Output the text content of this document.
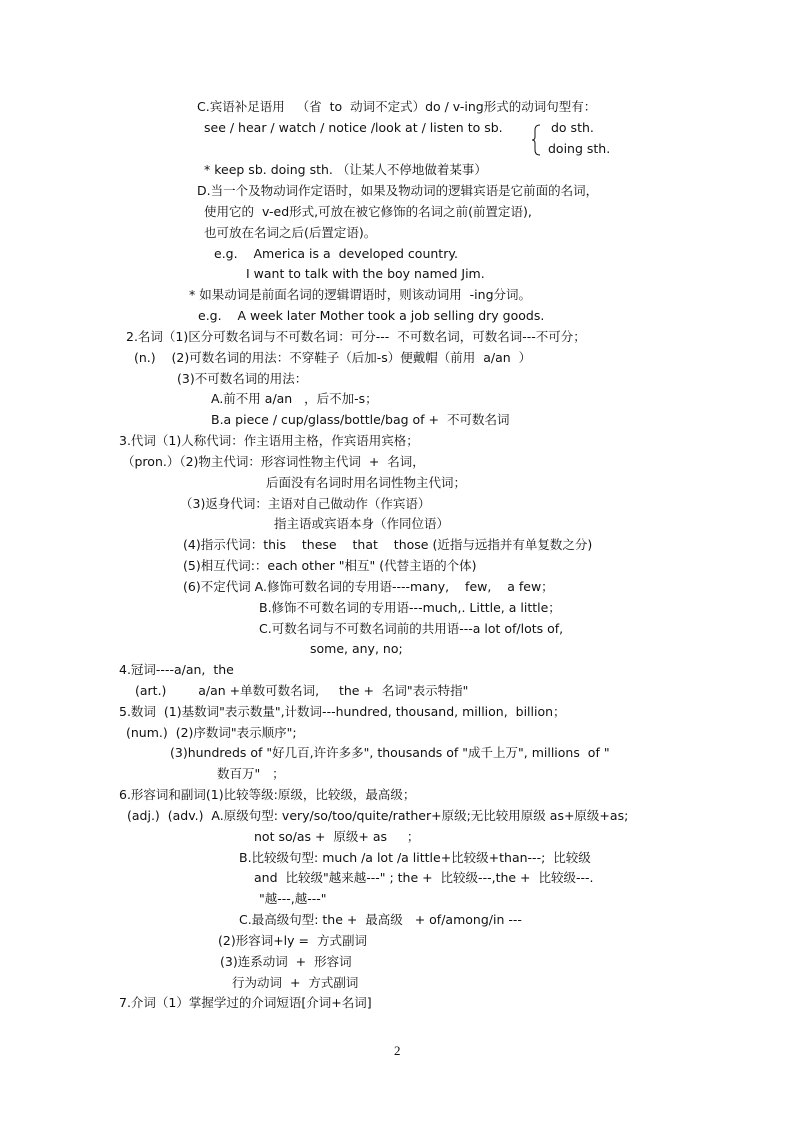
C.宾语补足语用   （省  to  动词不定式）do / v-ing形式的动词句型有：
see / hear / watch / notice /look at / listen to sb.	do sth.
doing sth.
* keep sb. doing sth. （让某人不停地做着某事）
D.当一个及物动词作定语时，如果及物动词的逻辑宾语是它前面的名词，
使用它的  v-ed形式,可放在被它修饰的名词之前(前置定语),
也可放在名词之后(后置定语)。
e.g.    America is a  developed country.
I want to talk with the boy named Jim.
* 如果动词是前面名词的逻辑谓语时，则该动词用  -ing分词。
e.g.    A week later Mother took a job selling dry goods.
2.名词（1)区分可数名词与不可数名词：可分---  不可数名词，可数名词---不可分；
(n.)    (2)可数名词的用法：不穿鞋子（后加-s）便戴帽（前用  a/an  ）
(3)不可数名词的用法：
A.前不用 a/an   ，后不加-s；
B.a piece / cup/glass/bottle/bag of +  不可数名词
3.代词（1)人称代词：作主语用主格，作宾语用宾格；
（pron.）（2)物主代词：形容词性物主代词  +  名词，
后面没有名词时用名词性物主代词；
（3)返身代词：主语对自己做动作（作宾语）
指主语或宾语本身（作同位语）
(4)指示代词：this    these    that    those (近指与远指并有单复数之分)
(5)相互代词:：each other "相互" (代替主语的个体)
(6)不定代词 A.修饰可数名词的专用语----many,    few,    a few；
B.修饰不可数名词的专用语---much,. Little, a little；
C.可数名词与不可数名词前的共用语---a lot of/lots of,
some, any, no;
4.冠词----a/an,  the
(art.)        a/an +单数可数名词,     the +  名词"表示特指"
5.数词  (1)基数词"表示数量",计数词---hundred, thousand, million,  billion；
(num.)  (2)序数词"表示顺序";
(3)hundreds of "好几百,许许多多", thousands of "成千上万", millions  of "
数百万"   ；
6.形容词和副词(1)比较等级:原级，比较级，最高级；
(adj.)  (adv.)  A.原级句型: very/so/too/quite/rather+原级;无比较用原级 as+原级+as;
not so/as +  原级+ as     ；
B.比较级句型: much /a lot /a little+比较级+than---;  比较级
and  比较级"越来越---" ; the +  比较级---,the +  比较级---.
"越---,越---"
C.最高级句型: the +  最高级   + of/among/in ---
(2)形容词+ly =  方式副词
(3)连系动词  +  形容词
行为动词  +  方式副词
7.介词（1）掌握学过的介词短语[介词+名词]
2
